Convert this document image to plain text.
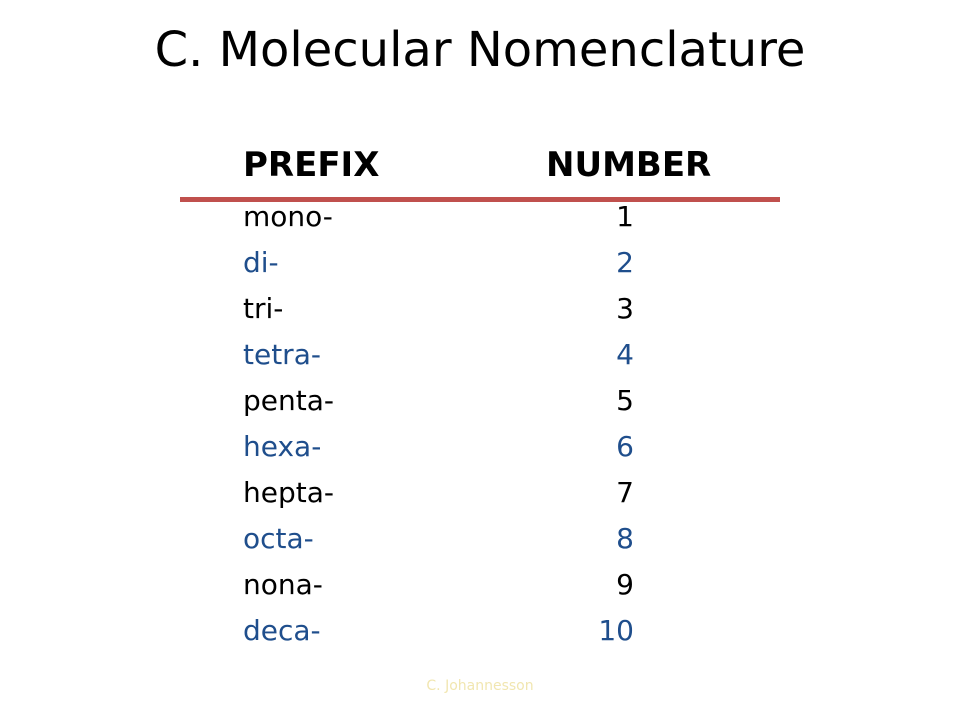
C. Molecular Nomenclature
PREFIX	NUMBER
mono-	1
di-	2
tri-	3
tetra-	4
penta-	5
hexa-	6
hepta-	7
octa-	8
nona-	9
deca-	10
C. Johannesson
